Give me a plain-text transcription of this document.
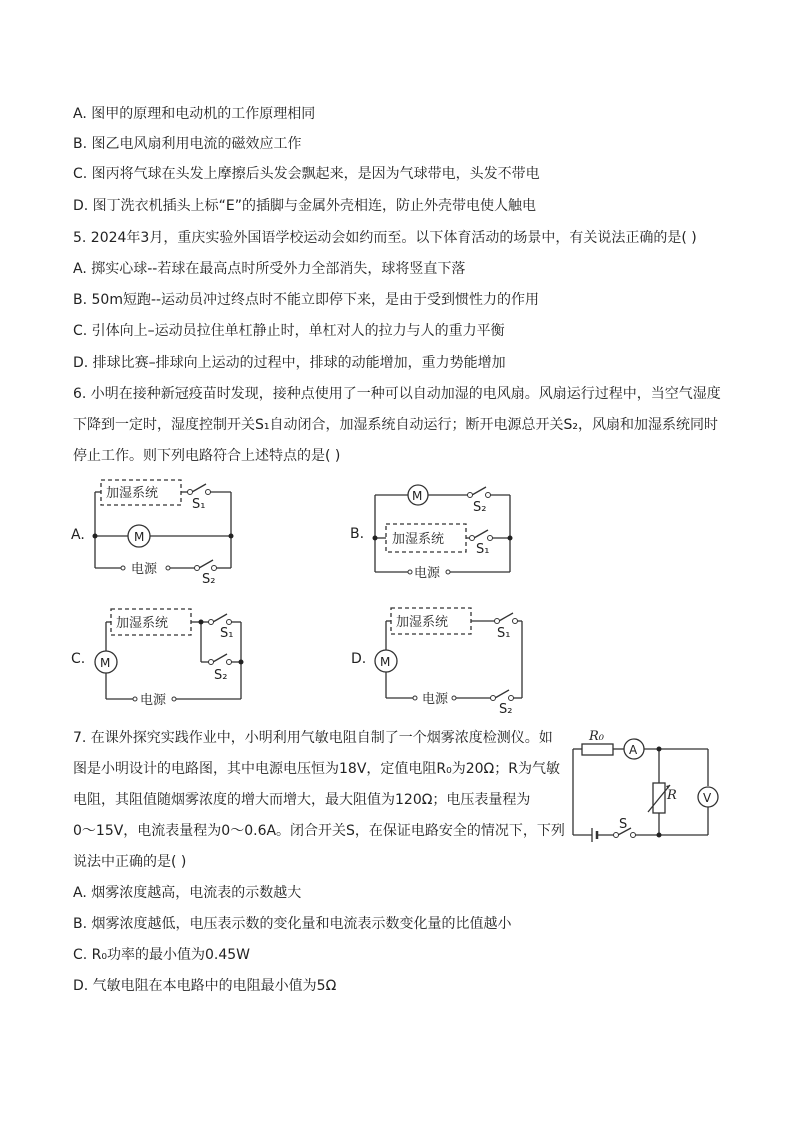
A. 图甲的原理和电动机的工作原理相同
B. 图乙电风扇利用电流的磁效应工作
C. 图丙将气球在头发上摩擦后头发会飘起来，是因为气球带电，头发不带电
D. 图丁洗衣机插头上标“E”的插脚与金属外壳相连，防止外壳带电使人触电
5. 2024年3月，重庆实验外国语学校运动会如约而至。以下体育活动的场景中，有关说法正确的是( )
A. 掷实心球--若球在最高点时所受外力全部消失，球将竖直下落
B. 50m短跑--运动员冲过终点时不能立即停下来，是由于受到惯性力的作用
C. 引体向上–运动员拉住单杠静止时，单杠对人的拉力与人的重力平衡
D. 排球比赛–排球向上运动的过程中，排球的动能增加，重力势能增加
6. 小明在接种新冠疫苗时发现，接种点使用了一种可以自动加湿的电风扇。风扇运行过程中，当空气湿度
下降到一定时，湿度控制开关S₁自动闭合，加湿系统自动运行；断开电源总开关S₂，风扇和加湿系统同时
停止工作。则下列电路符合上述特点的是( )
加湿系统
M
电源
S₁
S₂
A.
M
加湿系统
电源
S₂
S₁
B.
加湿系统
M
电源
S₁
S₂
C.
加湿系统
M
电源
S₁
S₂
D.
7. 在课外探究实践作业中，小明利用气敏电阻自制了一个烟雾浓度检测仪。如
图是小明设计的电路图，其中电源电压恒为18V，定值电阻R₀为20Ω；R为气敏
电阻，其阻值随烟雾浓度的增大而增大，最大阻值为120Ω；电压表量程为
0～15V，电流表量程为0～0.6A。闭合开关S，在保证电路安全的情况下，下列
说法中正确的是( )
A. 烟雾浓度越高，电流表的示数越大
B. 烟雾浓度越低，电压表示数的变化量和电流表示数变化量的比值越小
C. R₀功率的最小值为0.45W
D. 气敏电阻在本电路中的电阻最小值为5Ω
R₀
A
R V
S
